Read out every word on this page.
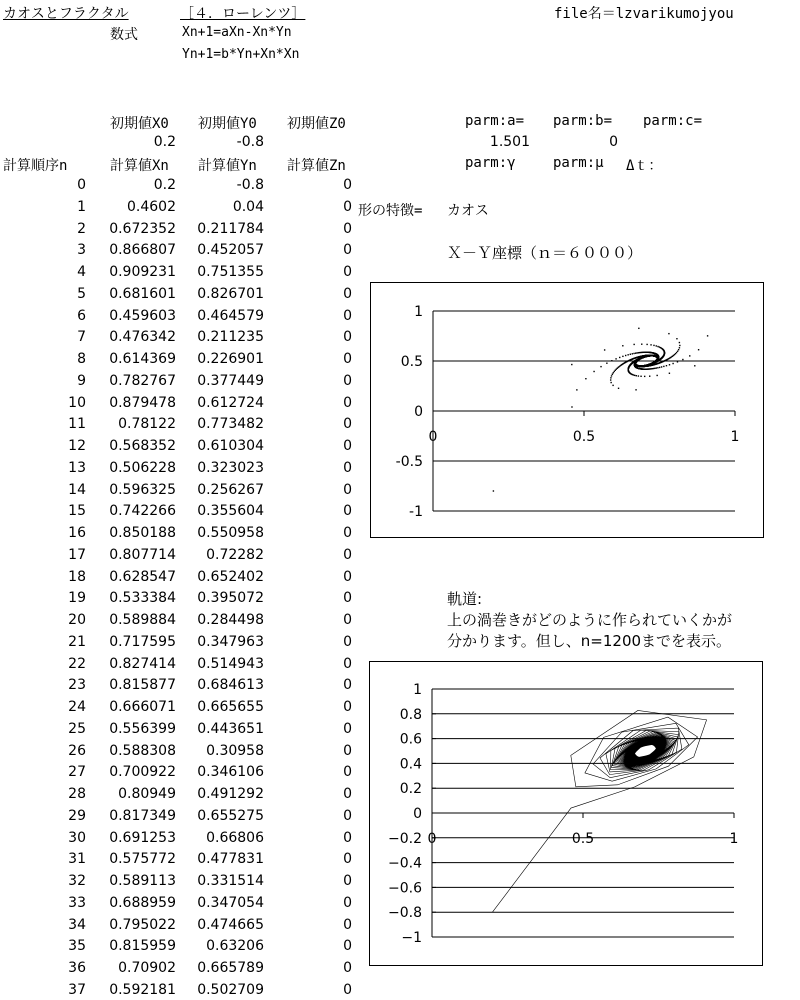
カオスとフラクタル	［４．ローレンツ］	file名＝lzvarikumojyou
数式	Xn+1=aXn-Xn*Yn
Yn+1=b*Yn+Xn*Xn
初期値X0 初期値Y0 初期値Z0
0.2	-0.8
parm:a= parm:b= parm:c=
1.501	0
parm:γ	parm:μ Δｔ：
計算順序n	計算値Xn 計算値Yn 計算値Zn
0	0.2	-0.8	0
1	0.4602	0.04	0
2	0.672352	0.211784	0
3	0.866807	0.452057	0
4	0.909231	0.751355	0
5	0.681601	0.826701	0
6	0.459603	0.464579	0
7	0.476342	0.211235	0
8	0.614369	0.226901	0
9	0.782767	0.377449	0
10	0.879478	0.612724	0
11	0.78122	0.773482	0
12	0.568352	0.610304	0
13	0.506228	0.323023	0
14	0.596325	0.256267	0
15	0.742266	0.355604	0
16	0.850188	0.550958	0
17	0.807714	0.72282	0
18	0.628547	0.652402	0
19	0.533384	0.395072	0
20	0.589884	0.284498	0
21	0.717595	0.347963	0
22	0.827414	0.514943	0
23	0.815877	0.684613	0
24	0.666071	0.665655	0
25	0.556399	0.443651	0
26	0.588308	0.30958	0
27	0.700922	0.346106	0
28	0.80949	0.491292	0
29	0.817349	0.655275	0
30	0.691253	0.66806	0
31	0.575772	0.477831	0
32	0.589113	0.331514	0
33	0.688959	0.347054	0
34	0.795022	0.474665	0
35	0.815959	0.63206	0
36	0.70902	0.665789	0
37	0.592181	0.502709	0
形の特徴= カオス
Ｘ－Ｙ座標（ｎ＝６０００）
1
0.5
0
-0.5
-1
0	0.5	1
軌道:
上の渦巻きがどのように作られていくかが
分かります。但し、n=1200までを表示。
1
0.8
0.6
0.4
0.2
0
−0.2
−0.4
−0.6
−0.8
−1
0	0.5	1
